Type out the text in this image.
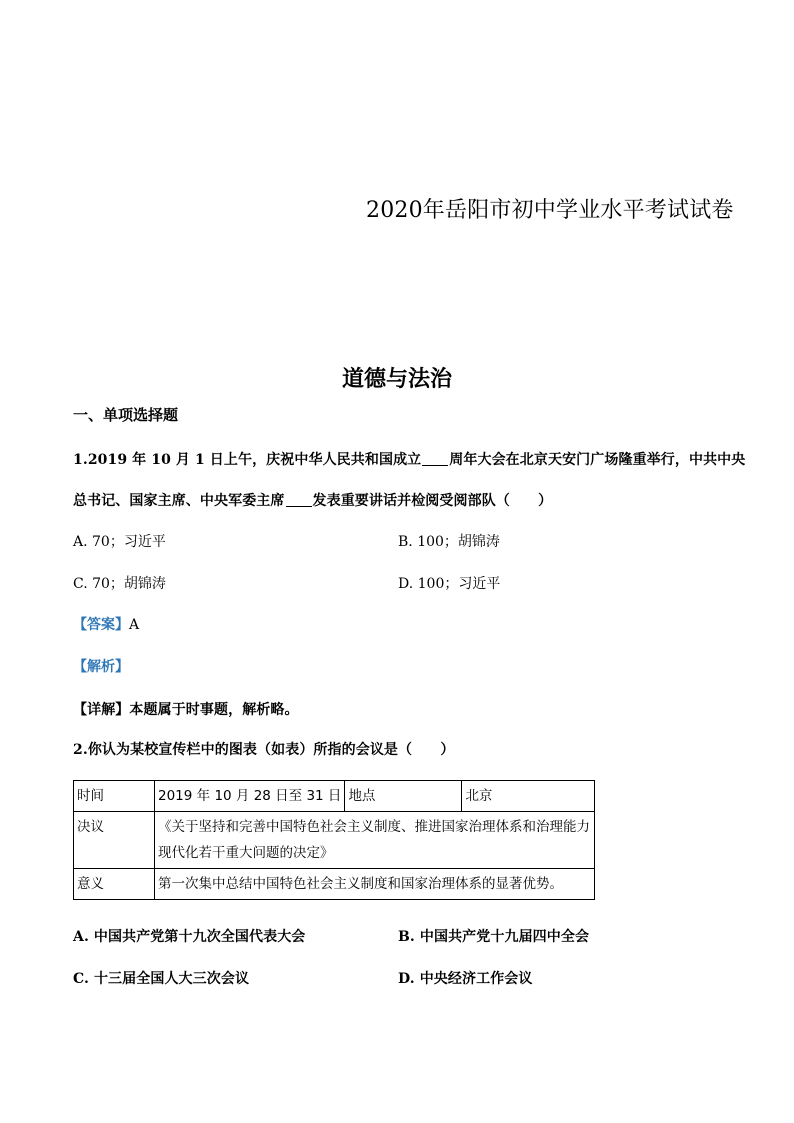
2020年岳阳市初中学业水平考试试卷
道德与法治
一、单项选择题
1.2019 年 10 月 1 日上午，庆祝中华人民共和国成立 周年大会在北京天安门广场隆重举行，中共中央
总书记、国家主席、中央军委主席 发表重要讲话并检阅受阅部队（　　）
A. 70；习近平	B. 100；胡锦涛
C. 70；胡锦涛	D. 100；习近平
【答案】A
【解析】
【详解】本题属于时事题，解析略。
2.你认为某校宣传栏中的图表（如表）所指的会议是（　　）
时间	2019 年 10 月 28 日至 31 日	地点	北京
决议	《关于坚持和完善中国特色社会主义制度、推进国家治理体系和治理能力现代化若干重大问题的决定》		
意义	第一次集中总结中国特色社会主义制度和国家治理体系的显著优势。		
A. 中国共产党第十九次全国代表大会	B. 中国共产党十九届四中全会
C. 十三届全国人大三次会议	D. 中央经济工作会议
